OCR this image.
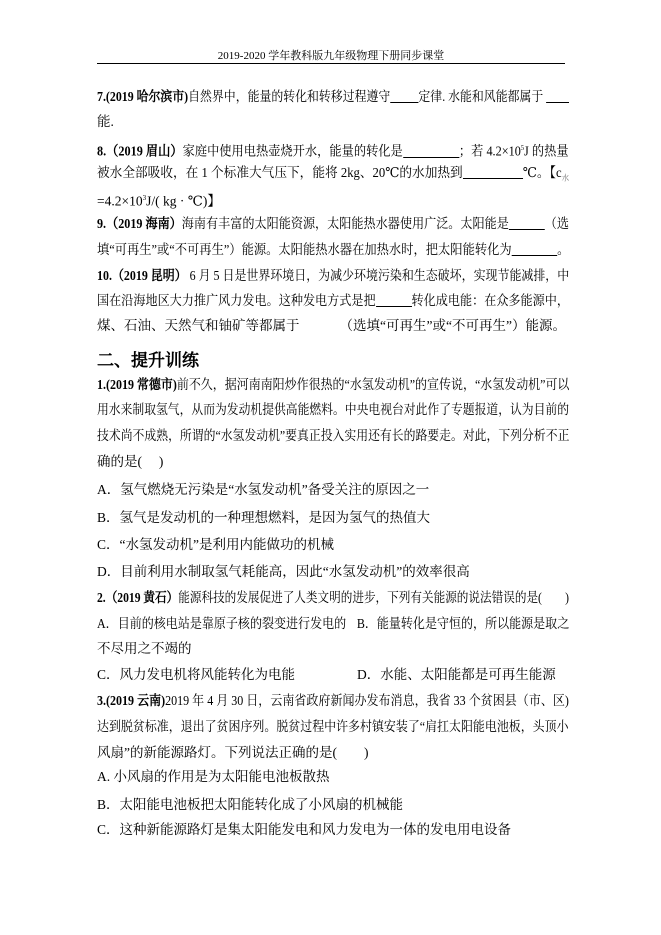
2019-2020 学年教科版九年级物理下册同步课堂
7.(2019 哈尔滨市)自然界中，能量的转化和转移过程遵守 定律. 水能和风能都属于
能.
8.（2019 眉山）家庭中使用电热壶烧开水，能量的转化是	；若 $4.2\times 10^5J$ 的热量
被水全部吸收，在 1 个标准大气压下，能将 2kg、20℃的水加热到	℃。【$c_水$
$=4.2\times 10^3J/$( kg · ℃)】
9.（2019 海南）海南有丰富的太阳能资源，太阳能热水器使用广泛。太阳能是	（选
填“可再生”或“不可再生”）能源。太阳能热水器在加热水时，把太阳能转化为	。
10.（2019 昆明） 6 月 5 日是世界环境日，为减少环境污染和生态破坏，实现节能减排，中
国在沿海地区大力推广风力发电。这种发电方式是把	转化成电能：在众多能源中，
煤、石油、天然气和铀矿等都属于	（选填“可再生”或“不可再生”）能源。
二、提升训练
1.(2019 常德市)前不久，据河南南阳炒作很热的“水氢发动机”的宣传说，“水氢发动机”可以
用水来制取氢气，从而为发动机提供高能燃料。中央电视台对此作了专题报道，认为目前的
技术尚不成熟，所谓的“水氢发动机”要真正投入实用还有长的路要走。对此，下列分析不正
确的是(　 )
A．氢气燃烧无污染是“水氢发动机”备受关注的原因之一
B．氢气是发动机的一种理想燃料，是因为氢气的热值大
C．“水氢发动机”是利用内能做功的机械
D．目前利用水制取氢气耗能高，因此“水氢发动机”的效率很高
2.（2019 黄石）能源科技的发展促进了人类文明的进步，下列有关能源的说法错误的是(　　)
A．目前的核电站是靠原子核的裂变进行发电的 B．能量转化是守恒的，所以能源是取之
不尽用之不竭的
C．风力发电机将风能转化为电能	D．水能、太阳能都是可再生能源
3.(2019 云南)2019 年 4 月 30 日，云南省政府新闻办发布消息，我省 33 个贫困县（市、区)
达到脱贫标准，退出了贫困序列。脱贫过程中许多村镇安装了“肩扛太阳能电池板，头顶小
风扇”的新能源路灯。下列说法正确的是(　　)
A. 小风扇的作用是为太阳能电池板散热
B．太阳能电池板把太阳能转化成了小风扇的机械能
C．这种新能源路灯是集太阳能发电和风力发电为一体的发电用电设备
